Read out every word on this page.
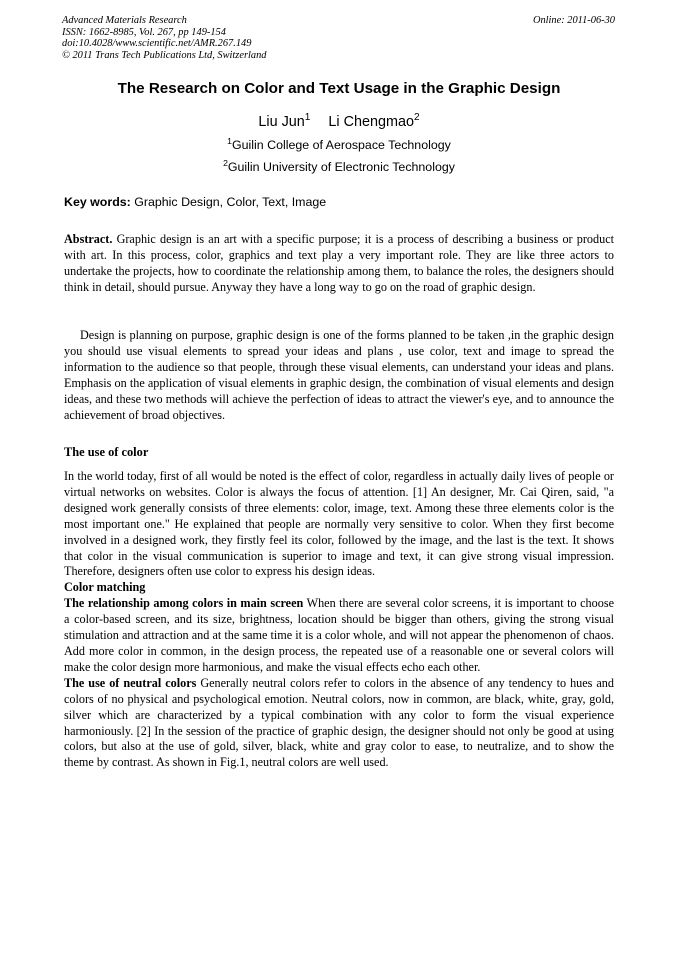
Advanced Materials Research
ISSN: 1662-8985, Vol. 267, pp 149-154
doi:10.4028/www.scientific.net/AMR.267.149
© 2011 Trans Tech Publications Ltd, Switzerland
Online: 2011-06-30
The Research on Color and Text Usage in the Graphic Design
Liu Jun$^1$ Li Chengmao$^2$
$^1$Guilin College of Aerospace Technology
$^2$Guilin University of Electronic Technology
Key words: Graphic Design, Color, Text, Image
Abstract. Graphic design is an art with a specific purpose; it is a process of describing a business or product with art. In this process, color, graphics and text play a very important role. They are like three actors to undertake the projects, how to coordinate the relationship among them, to balance the roles, the designers should think in detail, should pursue. Anyway they have a long way to go on the road of graphic design.
Design is planning on purpose, graphic design is one of the forms planned to be taken ,in the graphic design you should use visual elements to spread your ideas and plans , use color, text and image to spread the information to the audience so that people, through these visual elements, can understand your ideas and plans. Emphasis on the application of visual elements in graphic design, the combination of visual elements and design ideas, and these two methods will achieve the perfection of ideas to attract the viewer's eye, and to announce the achievement of broad objectives.
The use of color
In the world today, first of all would be noted is the effect of color, regardless in actually daily lives of people or virtual networks on websites. Color is always the focus of attention. [1] An designer, Mr. Cai Qiren, said, "a designed work generally consists of three elements: color, image, text. Among these three elements color is the most important one." He explained that people are normally very sensitive to color. When they first become involved in a designed work, they firstly feel its color, followed by the image, and the last is the text. It shows that color in the visual communication is superior to image and text, it can give strong visual impression. Therefore, designers often use color to express his design ideas.
Color matching
The relationship among colors in main screen When there are several color screens, it is important to choose a color-based screen, and its size, brightness, location should be bigger than others, giving the strong visual stimulation and attraction and at the same time it is a color whole, and will not appear the phenomenon of chaos. Add more color in common, in the design process, the repeated use of a reasonable one or several colors will make the color design more harmonious, and make the visual effects echo each other.
The use of neutral colors Generally neutral colors refer to colors in the absence of any tendency to hues and colors of no physical and psychological emotion. Neutral colors, now in common, are black, white, gray, gold, silver which are characterized by a typical combination with any color to form the visual experience harmoniously. [2] In the session of the practice of graphic design, the designer should not only be good at using colors, but also at the use of gold, silver, black, white and gray color to ease, to neutralize, and to show the theme by contrast. As shown in Fig.1, neutral colors are well used.
